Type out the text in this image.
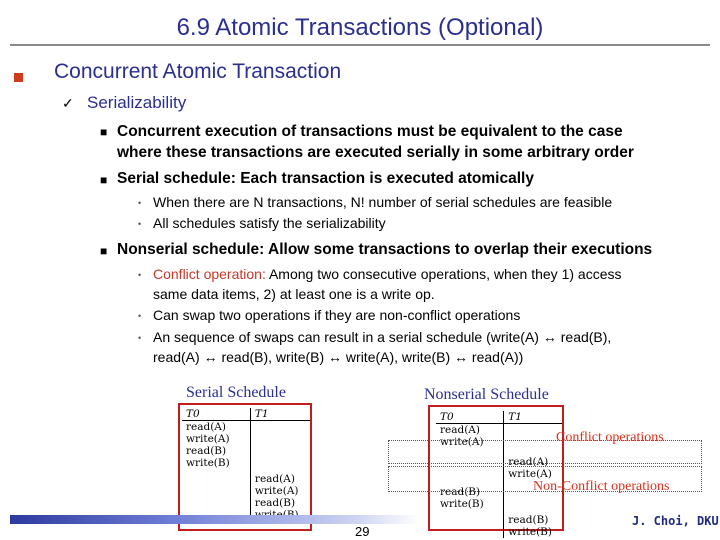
6.9 Atomic Transactions (Optional)
Concurrent Atomic Transaction
✓ Serializability
■ Concurrent execution of transactions must be equivalent to the case
where these transactions are executed serially in some arbitrary order
■ Serial schedule: Each transaction is executed atomically
• When there are N transactions, N! number of serial schedules are feasible
• All schedules satisfy the serializability
■ Nonserial schedule: Allow some transactions to overlap their executions
• Conflict operation: Among two consecutive operations, when they 1) access
same data items, 2) at least one is a write op.
• Can swap two operations if they are non-conflict operations
• An sequence of swaps can result in a serial schedule (write(A) ↔ read(B),
read(A) ↔ read(B), write(B) ↔ write(A), write(B) ↔ read(A))
Serial Schedule
T0	T1
read(A)	
write(A)	
read(B)	
write(B)	
	read(A)
	write(A)
	read(B)

Nonserial Schedule
T0	T1
read(A)	
write(A)	
	read(A)
	write(A)
read(B)	
write(B)	
	read(B)
	write(B)
Conflict operations
Non-Conflict operations
29
J. Choi, DKU
